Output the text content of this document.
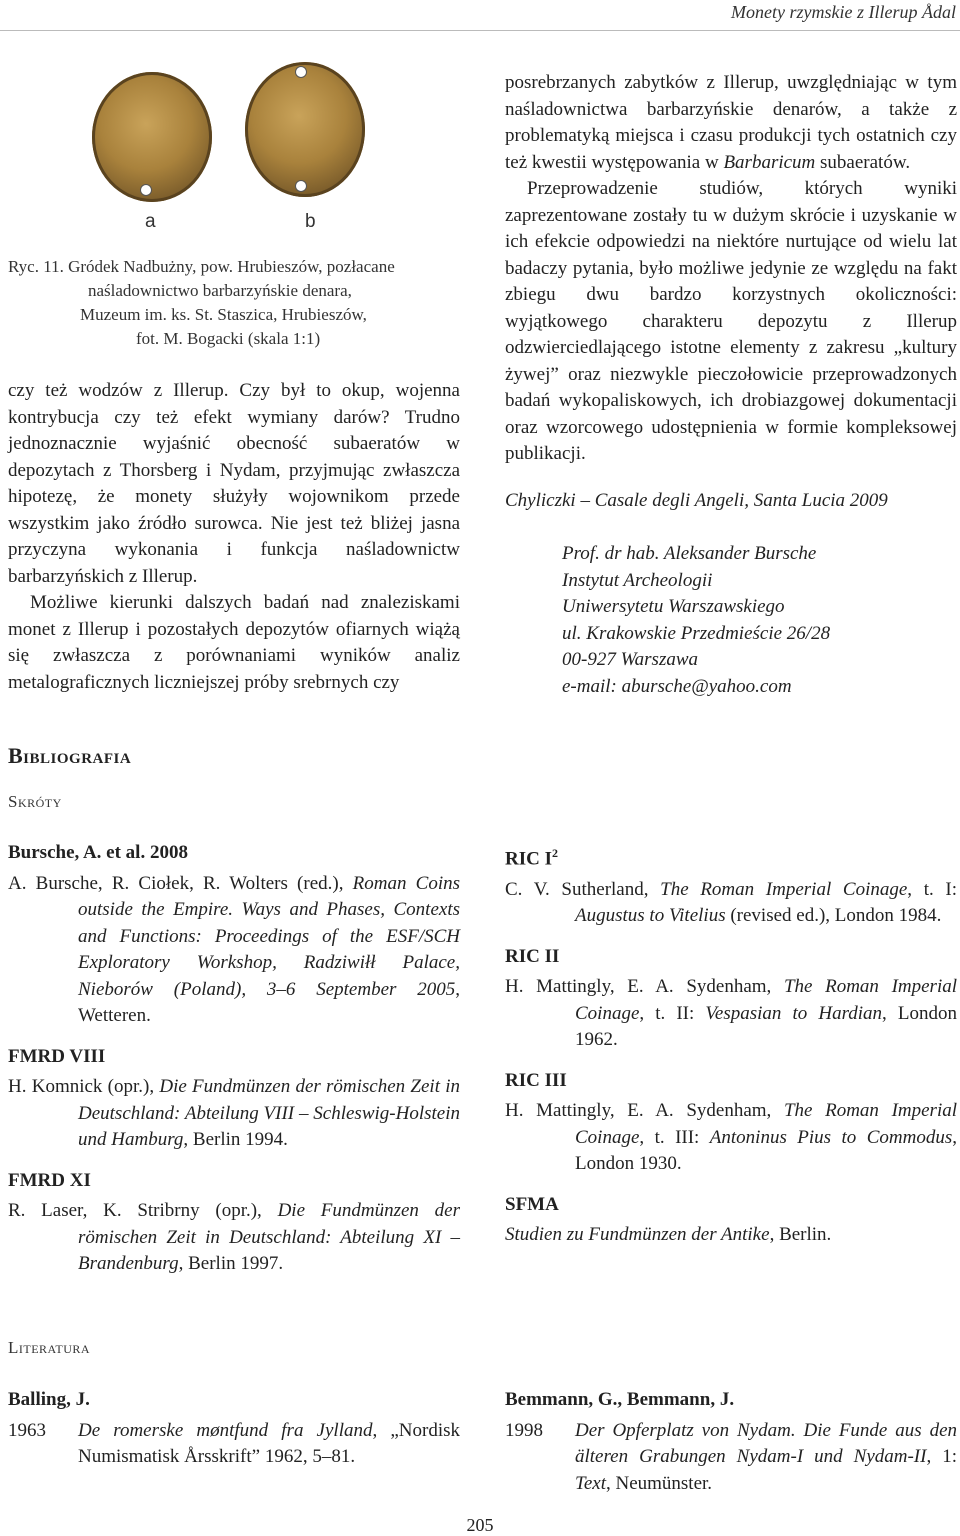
Monety rzymskie z Illerup Ådal
a	b
Ryc. 11. Gródek Nadbużny, pow. Hrubieszów, pozłacane
naśladownictwo barbarzyńskie denara,
Muzeum im. ks. St. Staszica, Hrubieszów,
fot. M. Bogacki (skala 1:1)

czy też wodzów z Illerup. Czy był to okup, wojenna kontrybucja czy też efekt wymiany darów? Trudno jednoznacznie wyjaśnić obecność subaeratów w depozytach z Thorsberg i Nydam, przyjmując zwłaszcza hipotezę, że monety służyły wojownikom przede wszystkim jako źródło surowca. Nie jest też bliżej jasna przyczyna wykonania i funkcja naśladownictw barbarzyńskich z Illerup.

Możliwe kierunki dalszych badań nad znaleziskami monet z Illerup i pozostałych depozytów ofiarnych wiążą się zwłaszcza z porównaniami wyników analiz metalograficznych liczniejszej próby srebrnych czy

posrebrzanych zabytków z Illerup, uwzględniając w tym naśladownictwa barbarzyńskie denarów, a także z problematyką miejsca i czasu produkcji tych ostatnich czy też kwestii występowania w Barbaricum subaeratów.

Przeprowadzenie studiów, których wyniki zaprezentowane zostały tu w dużym skrócie i uzyskanie w ich efekcie odpowiedzi na niektóre nurtujące od wielu lat badaczy pytania, było możliwe jedynie ze względu na fakt zbiegu dwu bardzo korzystnych okoliczności: wyjątkowego charakteru depozytu z Illerup odzwierciedlającego istotne elementy z zakresu „kultury żywej” oraz niezwykle pieczołowicie przeprowadzonych badań wykopaliskowych, ich drobiazgowej dokumentacji oraz wzorcowego udostępnienia w formie kompleksowej publikacji.

Chyliczki – Casale degli Angeli, Santa Lucia 2009
Prof. dr hab. Aleksander Bursche
Instytut Archeologii
Uniwersytetu Warszawskiego
ul. Krakowskie Przedmieście 26/28
00-927 Warszawa
e-mail: abursche@yahoo.com
Bibliografia
Skróty
Bursche, A. et al. 2008
A. Bursche, R. Ciołek, R. Wolters (red.), Roman Coins outside the Empire. Ways and Phases, Contexts and Functions: Proceedings of the ESF/SCH Exploratory Workshop, Radziwiłł Palace, Nieborów (Poland), 3–6 September 2005, Wetteren.
FMRD VIII
H. Komnick (opr.), Die Fundmünzen der römischen Zeit in Deutschland: Abteilung VIII – Schleswig-Holstein und Hamburg, Berlin 1994.
FMRD XI
R. Laser, K. Stribrny (opr.), Die Fundmünzen der römischen Zeit in Deutschland: Abteilung XI – Brandenburg, Berlin 1997.
RIC $I^2$
C. V. Sutherland, The Roman Imperial Coinage, t. I: Augustus to Vitelius (revised ed.), London 1984.
RIC II
H. Mattingly, E. A. Sydenham, The Roman Imperial Coinage, t. II: Vespasian to Hardian, London 1962.
RIC III
H. Mattingly, E. A. Sydenham, The Roman Imperial Coinage, t. III: Antoninus Pius to Commodus, London 1930.
SFMA
Studien zu Fundmünzen der Antike, Berlin.
Literatura
Balling, J.
1963	De romerske møntfund fra Jylland, „Nordisk Numismatisk Årsskrift” 1962, 5–81.
Bemmann, G., Bemmann, J.
1998	Der Opferplatz von Nydam. Die Funde aus den älteren Grabungen Nydam-I und Nydam-II, 1: Text, Neumünster.
205
